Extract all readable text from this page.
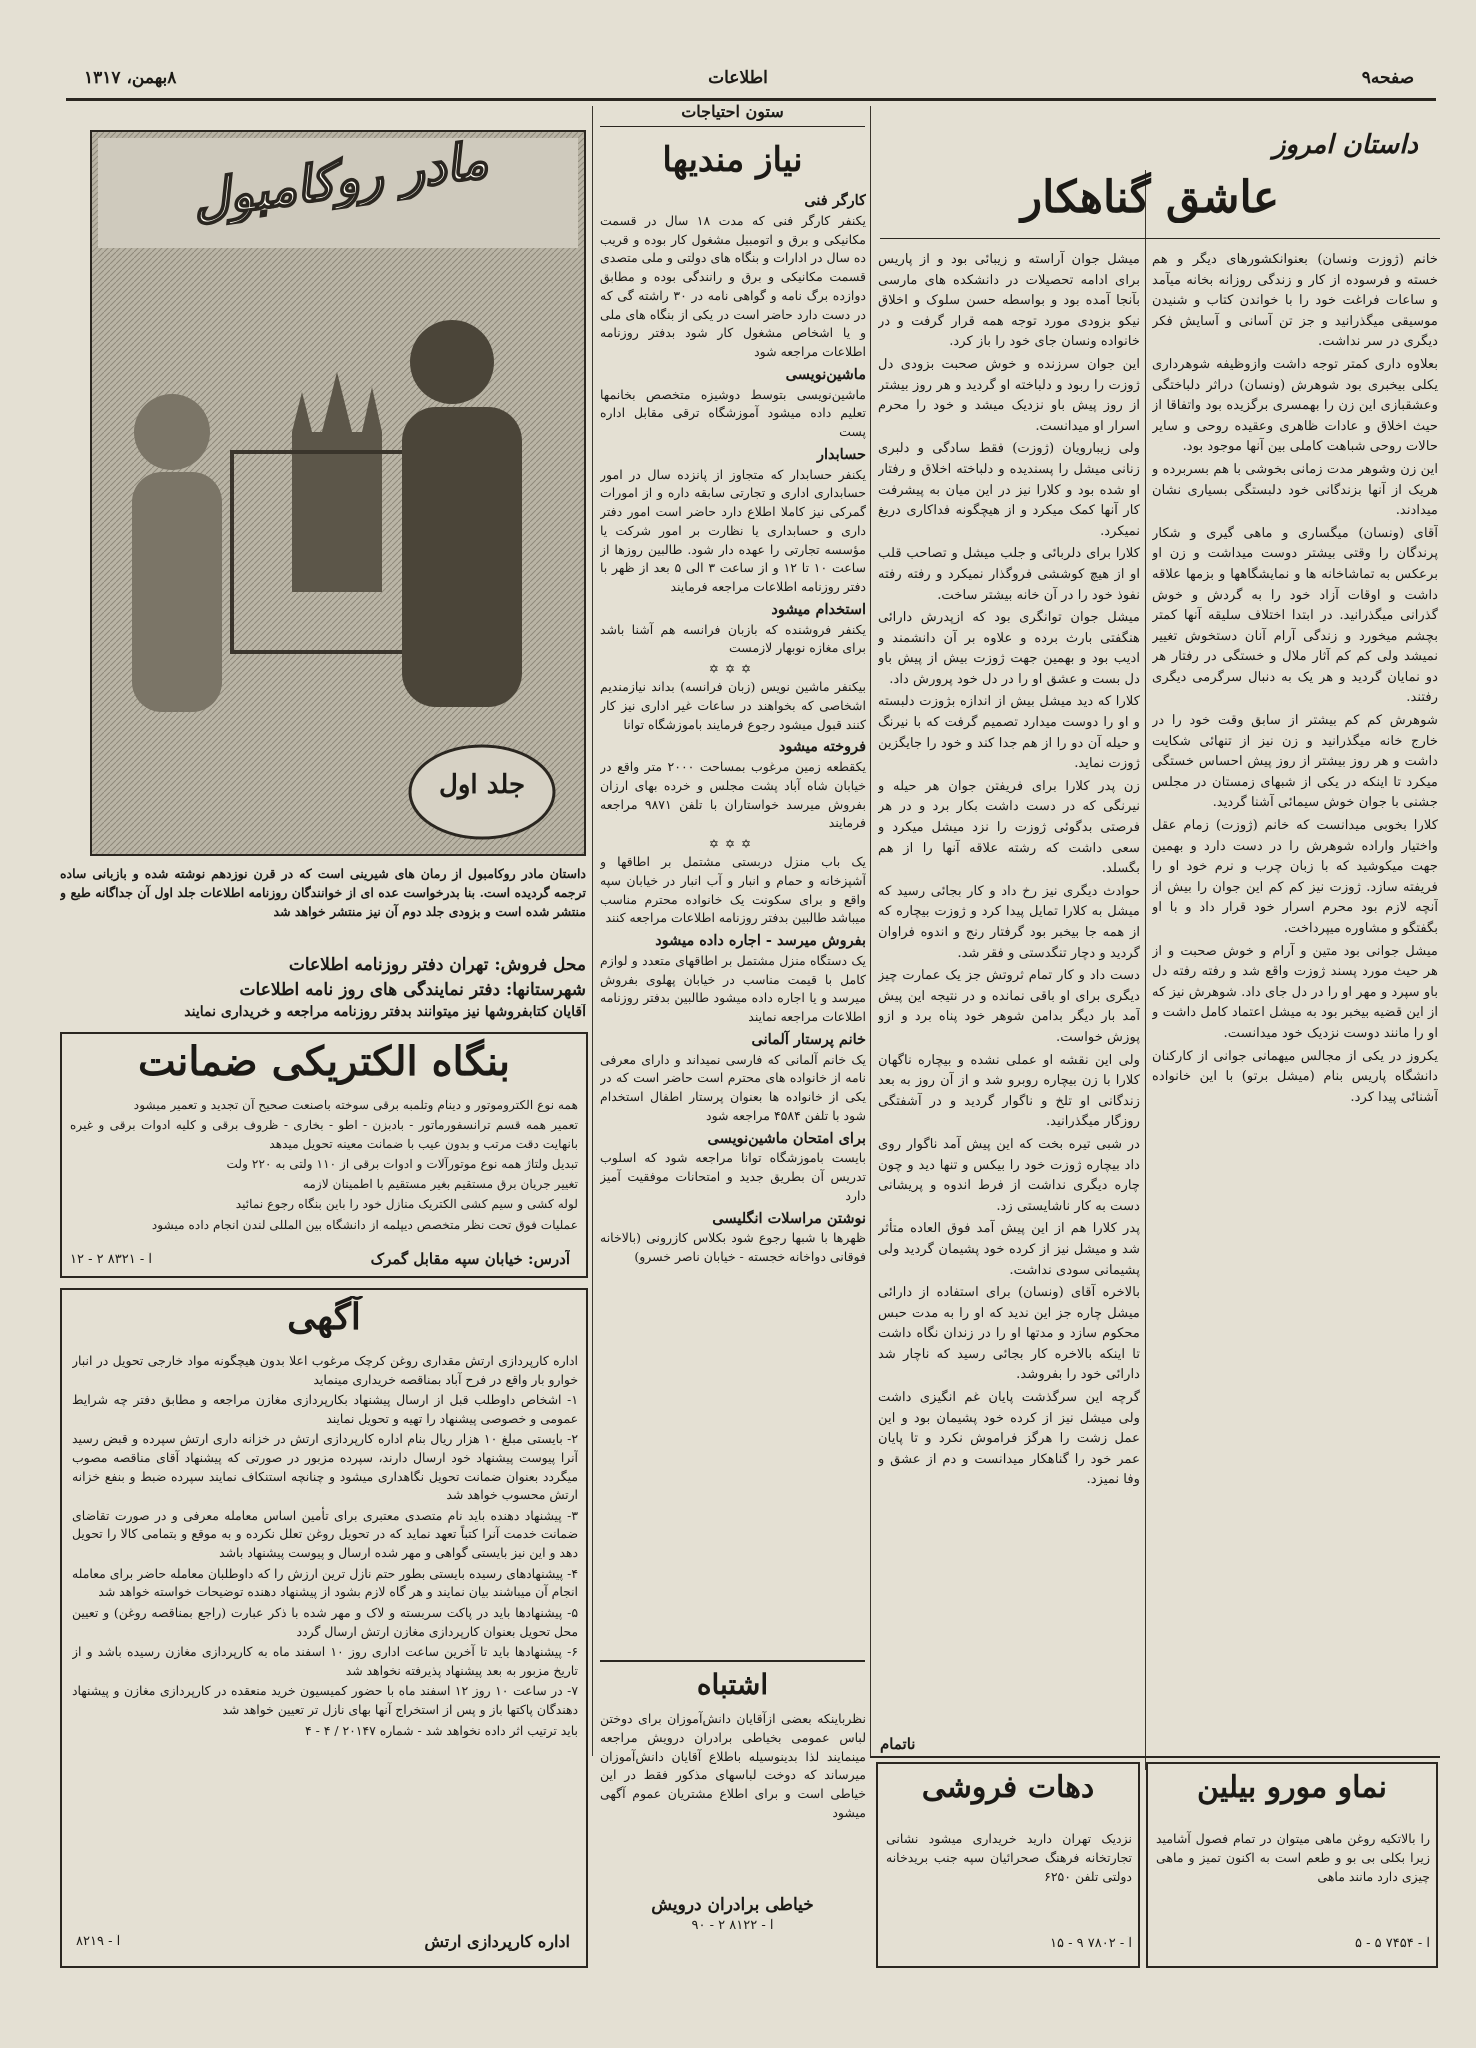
صفحه۹
اطلاعات
۸بهمن، ۱۳۱۷
داستان امروز
عاشق گناهکار

خانم (ژوزت ونسان) بعنوانکشورهای دیگر و هم خسته و فرسوده از کار و زندگی روزانه بخانه میآمد و ساعات فراغت خود را با خواندن کتاب و شنیدن موسیقی میگذرانید و جز تن آسانی و آسایش فکر دیگری در سر نداشت.

بعلاوه داری کمتر توجه داشت وازوظیفه شوهرداری یکلی بیخبری بود شوهرش (ونسان) دراثر دلباختگی وعشقبازی این زن را بهمسری برگزیده بود واتفاقا از حیث اخلاق و عادات ظاهری وعقیده روحی و سایر حالات روحی شباهت کاملی بین آنها موجود بود.

این زن وشوهر مدت زمانی بخوشی با هم بسربرده و هریک از آنها بزندگانی خود دلبستگی بسیاری نشان میدادند.

آقای (ونسان) میگساری و ماهی گیری و شکار پرندگان را وقتی بیشتر دوست میداشت و زن او برعکس به تماشاخانه ها و نمایشگاهها و بزمها علاقه داشت و اوقات آزاد خود را به گردش و خوش گذرانی میگذرانید. در ابتدا اختلاف سلیقه آنها کمتر بچشم میخورد و زندگی آرام آنان دستخوش تغییر نمیشد ولی کم کم آثار ملال و خستگی در رفتار هر دو نمایان گردید و هر یک به دنبال سرگرمی دیگری رفتند.

شوهرش کم کم بیشتر از سابق وقت خود را در خارج خانه میگذرانید و زن نیز از تنهائی شکایت داشت و هر روز بیشتر از روز پیش احساس خستگی میکرد تا اینکه در یکی از شبهای زمستان در مجلس جشنی با جوان خوش سیمائی آشنا گردید.

کلارا بخوبی میدانست که خانم (ژوزت) زمام عقل واختیار واراده شوهرش را در دست دارد و بهمین جهت میکوشید که با زبان چرب و نرم خود او را فریفته سازد. ژوزت نیز کم کم این جوان را بیش از آنچه لازم بود محرم اسرار خود قرار داد و با او بگفتگو و مشاوره میپرداخت.

میشل جوانی بود متین و آرام و خوش صحبت و از هر حیث مورد پسند ژوزت واقع شد و رفته رفته دل باو سپرد و مهر او را در دل جای داد. شوهرش نیز که از این قضیه بیخبر بود به میشل اعتماد کامل داشت و او را مانند دوست نزدیک خود میدانست.

یکروز در یکی از مجالس میهمانی جوانی از کارکنان دانشگاه پاریس بنام (میشل برتو) با این خانواده آشنائی پیدا کرد.

میشل جوان آراسته و زیبائی بود و از پاریس برای ادامه تحصیلات در دانشکده های مارسی بآنجا آمده بود و بواسطه حسن سلوک و اخلاق نیکو بزودی مورد توجه همه قرار گرفت و در خانواده ونسان جای خود را باز کرد.

این جوان سرزنده و خوش صحبت بزودی دل ژوزت را ربود و دلباخته او گردید و هر روز بیشتر از روز پیش باو نزدیک میشد و خود را محرم اسرار او میدانست.

ولی زیبارویان (ژوزت) فقط سادگی و دلبری زنانی میشل را پسندیده و دلباخته اخلاق و رفتار او شده بود و کلارا نیز در این میان به پیشرفت کار آنها کمک میکرد و از هیچگونه فداکاری دریغ نمیکرد.

کلارا برای دلربائی و جلب میشل و تصاحب قلب او از هیچ کوششی فروگذار نمیکرد و رفته رفته نفوذ خود را در آن خانه بیشتر ساخت.

میشل جوان توانگری بود که ازپدرش دارائی هنگفتی بارث برده و علاوه بر آن دانشمند و ادیب بود و بهمین جهت ژوزت بیش از پیش باو دل بست و عشق او را در دل خود پرورش داد.

کلارا که دید میشل بیش از اندازه بژوزت دلبسته و او را دوست میدارد تصمیم گرفت که با نیرنگ و حیله آن دو را از هم جدا کند و خود را جایگزین ژوزت نماید.

زن پدر کلارا برای فریفتن جوان هر حیله و نیرنگی که در دست داشت بکار برد و در هر فرصتی بدگوئی ژوزت را نزد میشل میکرد و سعی داشت که رشته علاقه آنها را از هم بگسلد.

حوادث دیگری نیز رخ داد و کار بجائی رسید که میشل به کلارا تمایل پیدا کرد و ژوزت بیچاره که از همه جا بیخبر بود گرفتار رنج و اندوه فراوان گردید و دچار تنگدستی و فقر شد.

دست داد و کار تمام ثروتش جز یک عمارت چیز دیگری برای او باقی نمانده و در نتیجه این پیش آمد بار دیگر بدامن شوهر خود پناه برد و ازو پوزش خواست.

ولی این نقشه او عملی نشده و بیچاره ناگهان کلارا با زن بیچاره روبرو شد و از آن روز به بعد زندگانی او تلخ و ناگوار گردید و در آشفتگی روزگار میگذرانید.

در شبی تیره بخت که این پیش آمد ناگوار روی داد بیچاره ژوزت خود را بیکس و تنها دید و چون چاره دیگری نداشت از فرط اندوه و پریشانی دست به کار ناشایستی زد.

پدر کلارا هم از این پیش آمد فوق العاده متأثر شد و میشل نیز از کرده خود پشیمان گردید ولی پشیمانی سودی نداشت.

بالاخره آقای (ونسان) برای استفاده از دارائی میشل چاره جز این ندید که او را به مدت حبس محکوم سازد و مدتها او را در زندان نگاه داشت تا اینکه بالاخره کار بجائی رسید که ناچار شد دارائی خود را بفروشد.

گرچه این سرگذشت پایان غم انگیزی داشت ولی میشل نیز از کرده خود پشیمان بود و این عمل زشت را هرگز فراموش نکرد و تا پایان عمر خود را گناهکار میدانست و دم از عشق و وفا نمیزد.

ناتمام
ستون احتیاجات
نیاز مندیها
کارگر فنی

یکنفر کارگر فنی که مدت ۱۸ سال در قسمت مکانیکی و برق و اتومبیل مشغول کار بوده و قریب ده سال در ادارات و بنگاه های دولتی و ملی متصدی قسمت مکانیکی و برق و رانندگی بوده و مطابق دوازده برگ نامه و گواهی نامه در ۳۰ راشته گی که در دست دارد حاضر است در یکی از بنگاه های ملی و یا اشخاص مشغول کار شود بدفتر روزنامه اطلاعات مراجعه شود

ماشین‌نویسی

ماشین‌نویسی بتوسط دوشیزه متخصص بخانمها تعلیم داده میشود آموزشگاه ترقی مقابل اداره پست

حسابدار

یکنفر حسابدار که متجاوز از پانزده سال در امور حسابداری اداری و تجارتی سابقه داره و از امورات گمرکی نیز کاملا اطلاع دارد حاضر است امور دفتر داری و حسابداری یا نظارت بر امور شرکت یا مؤسسه تجارتی را عهده دار شود. طالبین روزها از ساعت ۱۰ تا ۱۲ و از ساعت ۳ الی ۵ بعد از ظهر با دفتر روزنامه اطلاعات مراجعه فرمایند

استخدام میشود

یکنفر فروشنده که بازبان فرانسه هم آشنا باشد برای مغازه نوبهار لازمست

✡✡✡

بیکنفر ماشین نویس (زبان فرانسه) بداند نیازمندیم اشخاصی که بخواهند در ساعات غیر اداری نیز کار کنند قبول میشود رجوع فرمایند باموزشگاه توانا

فروخته میشود

یکقطعه زمین مرغوب بمساحت ۲۰۰۰ متر واقع در خیابان شاه آباد پشت مجلس و خرده بهای ارزان بفروش میرسد خواستاران با تلفن ۹۸۷۱ مراجعه فرمایند

✡✡✡

یک باب منزل دربستی مشتمل بر اطاقها و آشپزخانه و حمام و انبار و آب انبار در خیابان سپه واقع و برای سکونت یک خانواده محترم مناسب میباشد طالبین بدفتر روزنامه اطلاعات مراجعه کنند

بفروش میرسد - اجاره داده میشود

یک دستگاه منزل مشتمل بر اطاقهای متعدد و لوازم کامل با قیمت مناسب در خیابان پهلوی بفروش میرسد و یا اجاره داده میشود طالبین بدفتر روزنامه اطلاعات مراجعه نمایند

خانم پرستار آلمانی

یک خانم آلمانی که فارسی نمیداند و دارای معرفی نامه از خانواده های محترم است حاضر است که در یکی از خانواده ها بعنوان پرستار اطفال استخدام شود با تلفن ۴۵۸۴ مراجعه شود

برای امتحان ماشین‌نویسی

بایست باموزشگاه توانا مراجعه شود که اسلوب تدریس آن بطریق جدید و امتحانات موفقیت آمیز دارد

نوشتن مراسلات انگلیسی

ظهرها با شبها رجوع شود بکلاس کازرونی (بالاخانه فوقانی دواخانه خجسته - خیابان ناصر خسرو)

اشتباه
نظرباینکه بعضی ازآقایان دانش‌آموزان برای دوختن لباس عمومی بخیاطی برادران درویش مراجعه مینمایند لذا بدینوسیله باطلاع آقایان دانش‌آموزان میرساند که دوخت لباسهای مذکور فقط در این خیاطی است و برای اطلاع مشتریان عموم آگهی میشود
خیاطی برادران درویش
آ - ۸۱۲۲ ۲ - ۹۰
مادر روکامبول
جلد اول
داستان مادر روکامبول از رمان های شیرینی است که در قرن نوزدهم نوشته شده و بازبانی ساده ترجمه گردیده است. بنا بدرخواست عده ای از خوانندگان روزنامه اطلاعات جلد اول آن جداگانه طبع و منتشر شده است و بزودی جلد دوم آن نیز منتشر خواهد شد
محل فروش: تهران دفتر روزنامه اطلاعات
شهرستانها: دفتر نمایندگی های روز نامه اطلاعات
آقایان کتابفروشها نیز میتوانند بدفتر روزنامه مراجعه و خریداری نمایند
بنگاه الکتریکی ضمانت

همه نوع الکتروموتور و دینام وتلمبه برقی سوخته باصنعت صحیح آن تجدید و تعمیر میشود

تعمیر همه قسم ترانسفورماتور - بادبزن - اطو - بخاری - ظروف برقی و کلیه ادوات برقی و غیره بانهایت دقت مرتب و بدون عیب با ضمانت معینه تحویل میدهد

تبدیل ولتاژ همه نوع موتورآلات و ادوات برقی از ۱۱۰ ولتی به ۲۲۰ ولت

تغییر جریان برق مستقیم بغیر مستقیم با اطمینان لازمه

لوله کشی و سیم کشی الکتریک منازل خود را باین بنگاه رجوع نمائید

عملیات فوق تحت نظر متخصص دیپلمه از دانشگاه بین المللی لندن انجام داده میشود

آدرس: خیابان سپه مقابل گمرک
آ - ۸۳۲۱ ۲ - ۱۲
آگهی

اداره کارپردازی ارتش مقداری روغن کرچک مرغوب اعلا بدون هیچگونه مواد خارجی تحویل در انبار خوارو بار واقع در فرح آباد بمناقصه خریداری مینماید

۱- اشخاص داوطلب قبل از ارسال پیشنهاد بکارپردازی مغازن مراجعه و مطابق دفتر چه شرایط عمومی و خصوصی پیشنهاد را تهیه و تحویل نمایند

۲- بایستی مبلغ ۱۰ هزار ریال بنام اداره کارپردازی ارتش در خزانه داری ارتش سپرده و قبض رسید آنرا پیوست پیشنهاد خود ارسال دارند، سپرده مزبور در صورتی که پیشنهاد آقای مناقصه مصوب میگردد بعنوان ضمانت تحویل نگاهداری میشود و چنانچه استنکاف نمایند سپرده ضبط و بنفع خزانه ارتش محسوب خواهد شد

۳- پیشنهاد دهنده باید نام متصدی معتبری برای تأمین اساس معامله معرفی و در صورت تقاضای ضمانت خدمت آنرا کتباً تعهد نماید که در تحویل روغن تعلل نکرده و به موقع و بتمامی کالا را تحویل دهد و این نیز بایستی گواهی و مهر شده ارسال و پیوست پیشنهاد باشد

۴- پیشنهادهای رسیده بایستی بطور حتم نازل ترین ارزش را که داوطلبان معامله حاضر برای معامله انجام آن میباشند بیان نمایند و هر گاه لازم بشود از پیشنهاد دهنده توضیحات خواسته خواهد شد

۵- پیشنهادها باید در پاکت سربسته و لاک و مهر شده با ذکر عبارت (راجع بمناقصه روغن) و تعیین محل تحویل بعنوان کارپردازی مغازن ارتش ارسال گردد

۶- پیشنهادها باید تا آخرین ساعت اداری روز ۱۰ اسفند ماه به کارپردازی مغازن رسیده باشد و از تاریخ مزبور به بعد پیشنهاد پذیرفته نخواهد شد

۷- در ساعت ۱۰ روز ۱۲ اسفند ماه با حضور کمیسیون خرید منعقده در کارپردازی مغازن و پیشنهاد دهندگان پاکتها باز و پس از استخراج آنها بهای نازل تر تعیین خواهد شد

باید ترتیب اثر داده نخواهد شد - شماره ۲۰۱۴۷ / ۴ - ۴

اداره کارپردازی ارتش
آ - ۸۲۱۹
نماو مورو بیلین
را بالاتکیه روغن ماهی میتوان در تمام فصول آشامید زیرا بکلی بی بو و طعم است به اکنون تمیز و ماهی چیزی دارد مانند ماهی
آ - ۷۴۵۴ ۵ - ۵
دهات فروشی
نزدیک تهران دارید خریداری میشود نشانی تجارتخانه فرهنگ صحرائیان سپه جنب بریدخانه دولتی تلفن ۶۲۵۰
آ - ۷۸۰۲ ۹ - ۱۵
